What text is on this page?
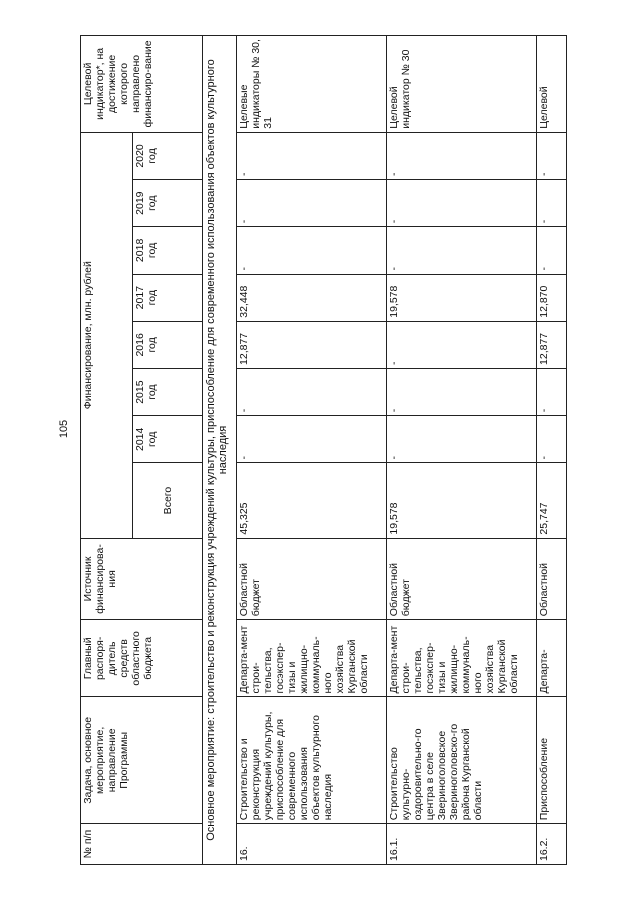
105
№ п/п	Задача, основное мероприятие, направление Программы	Главный распоря-дитель средств областного бюджета	Источник финансирова-ния	Финансирование, млн. рублей								Целевой индикатор*, на достижение которого направлено финансиро-вание
				Всего	2014 год	2015 год	2016 год	2017 год	2018 год	2019 год	2020 год	
Основное мероприятие: строительство и реконструкция учреждений культуры, приспособление для современного использования объектов культурного наследия												
16.	Строительство и реконструкция учреждений культуры, приспособление для современного использования объектов культурного наследия	Департа-мент строи-тельства, госэкспер-тизы и жилищно-коммуналь-ного хозяйства Курганской области	Областной бюджет	45,325	-	-	12,877	32,448	-	-	-	Целевые индикаторы № 30, 31
16.1.	Строительство культурно-оздоровительно-го центра в селе Звериноголовское Звериноголовско-го района Курганской области	Департа-мент строи-тельства, госэкспер-тизы и жилищно-коммуналь-ного хозяйства Курганской области	Областной бюджет	19,578	-	-	-	19,578	-	-	-	Целевой индикатор № 30
16.2.	Приспособление	Департа-	Областной	25,747	-	-	12,877	12,870	-	-	-	Целевой
